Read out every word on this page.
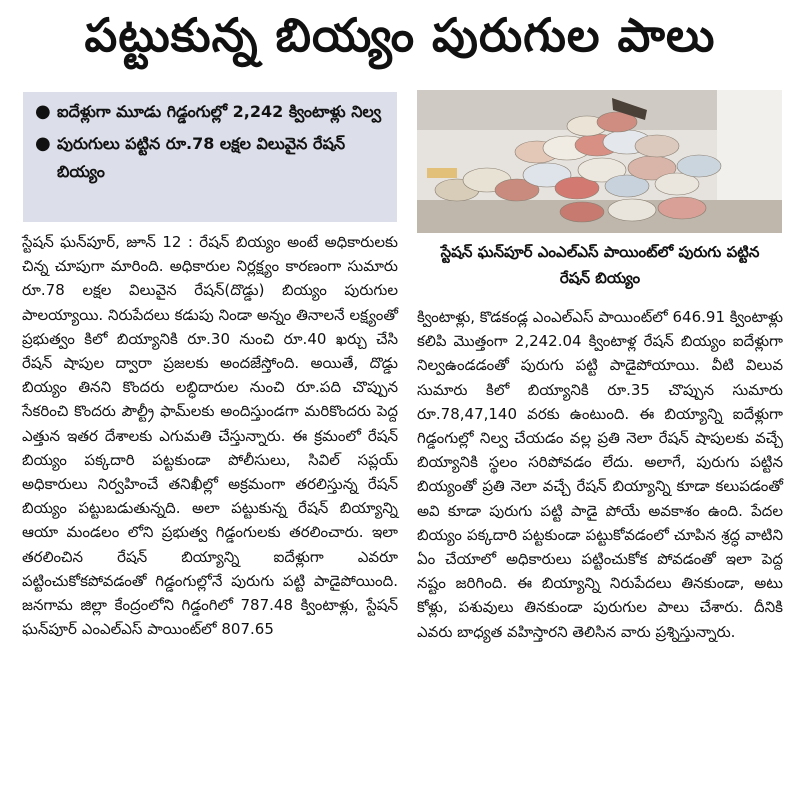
పట్టుకున్న బియ్యం పురుగుల పాలు
● ఐదేళ్లుగా మూడు గిడ్డంగుల్లో 2,242 క్వింటాళ్లు నిల్వ
● పురుగులు పట్టిన రూ.78 లక్షల విలువైన రేషన్ బియ్యం
స్టేషన్ ఘన్‌పూర్ ఎంఎల్ఎస్ పాయింట్‌లో పురుగు పట్టిన రేషన్ బియ్యం

స్టేషన్ ఘన్‌పూర్, జూన్ 12 : రేషన్ బియ్యం అంటే అధికారులకు చిన్న చూపుగా మారింది. అధికారుల నిర్లక్ష్యం కారణంగా సుమారు రూ.78 లక్షల విలువైన రేషన్(దొడ్డు) బియ్యం పురుగుల పాలయ్యాయి. నిరుపేదలు కడుపు నిండా అన్నం తినాలనే లక్ష్యంతో ప్రభుత్వం కిలో బియ్యానికి రూ.30 నుంచి రూ.40 ఖర్చు చేసి రేషన్ షాపుల ద్వారా ప్రజలకు అందజేస్తోంది. అయితే, దొడ్డు బియ్యం తినని కొందరు లబ్ధిదారుల నుంచి రూ.పది చొప్పున సేకరించి కొందరు పౌల్ట్రీ ఫామ్‌లకు అందిస్తుండగా మరికొందరు పెద్ద ఎత్తున ఇతర దేశాలకు ఎగుమతి చేస్తున్నారు. ఈ క్రమంలో రేషన్ బియ్యం పక్కదారి పట్టకుండా పోలీసులు, సివిల్ సప్లయ్ అధికారులు నిర్వహించే తనిఖీల్లో అక్రమంగా తరలిస్తున్న రేషన్ బియ్యం పట్టుబడుతున్నది. అలా పట్టుకున్న రేషన్ బియ్యాన్ని ఆయా మండలం లోని ప్రభుత్వ గిడ్డంగులకు తరలించారు. ఇలా తరలించిన రేషన్ బియ్యాన్ని ఐదేళ్లుగా ఎవరూ పట్టించుకోకపోవడంతో గిడ్డంగుల్లోనే పురుగు పట్టి పాడైపోయింది. జనగామ జిల్లా కేంద్రంలోని గిడ్డంగిలో 787.48 క్వింటాళ్లు, స్టేషన్ ఘన్‌పూర్ ఎంఎల్ఎస్ పాయింట్‌లో 807.65

క్వింటాళ్లు, కొడకండ్ల ఎంఎల్ఎస్ పాయింట్‌లో 646.91 క్వింటాళ్లు కలిపి మొత్తంగా 2,242.04 క్వింటాళ్ల రేషన్ బియ్యం ఐదేళ్లుగా నిల్వఉండడంతో పురుగు పట్టి పాడైపోయాయి. వీటి విలువ సుమారు కిలో బియ్యానికి రూ.35 చొప్పున సుమారు రూ.78,47,140 వరకు ఉంటుంది. ఈ బియ్యాన్ని ఐదేళ్లుగా గిడ్డంగుల్లో నిల్వ చేయడం వల్ల ప్రతి నెలా రేషన్ షాపులకు వచ్చే బియ్యానికి స్థలం సరిపోవడం లేదు. అలాగే, పురుగు పట్టిన బియ్యంతో ప్రతి నెలా వచ్చే రేషన్ బియ్యాన్ని కూడా కలుపడంతో అవి కూడా పురుగు పట్టి పాడై పోయే అవకాశం ఉంది. పేదల బియ్యం పక్కదారి పట్టకుండా పట్టుకోవడంలో చూపిన శ్రద్ధ వాటిని ఏం చేయాలో అధికారులు పట్టించుకోక పోవడంతో ఇలా పెద్ద నష్టం జరిగింది. ఈ బియ్యాన్ని నిరుపేదలు తినకుండా, అటు కోళ్లు, పశువులు తినకుండా పురుగుల పాలు చేశారు. దీనికి ఎవరు బాధ్యత వహిస్తారని తెలిసిన వారు ప్రశ్నిస్తున్నారు.
